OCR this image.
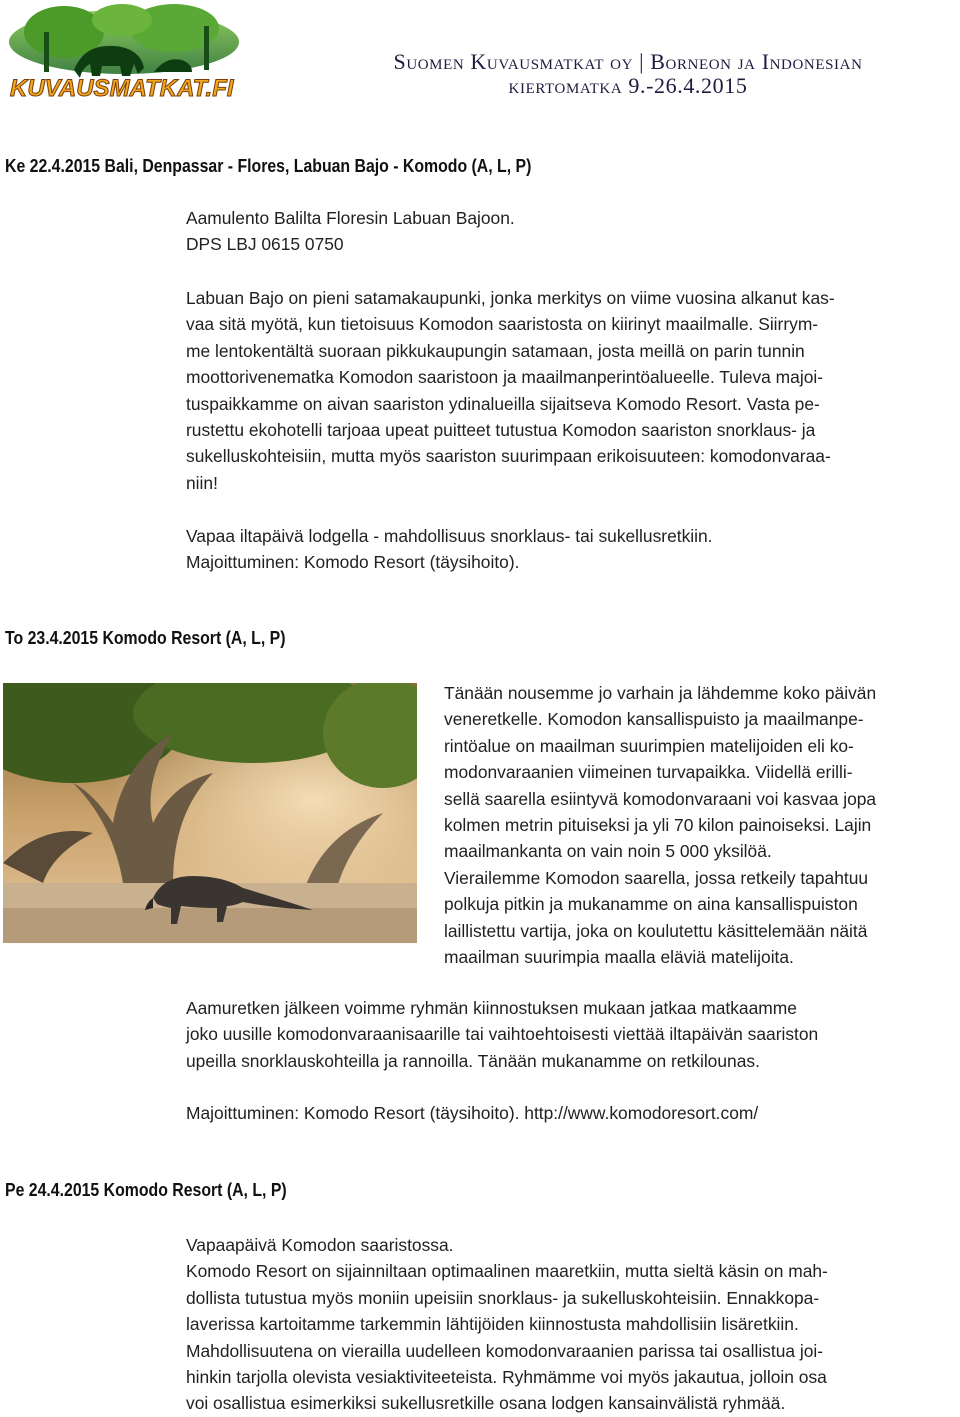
KUVAUSMATKAT.FI
Suomen Kuvausmatkat oy | Borneon ja Indonesian
kiertomatka 9.-26.4.2015
Ke 22.4.2015 Bali, Denpassar - Flores, Labuan Bajo - Komodo (A, L, P)
Aamulento Balilta Floresin Labuan Bajoon.
DPS LBJ 0615 0750
Labuan Bajo on pieni satamakaupunki, jonka merkitys on viime vuosina alkanut kas-
vaa sitä myötä, kun tietoisuus Komodon saaristosta on kiirinyt maailmalle. Siirrym-
me lentokentältä suoraan pikkukaupungin satamaan, josta meillä on parin tunnin
moottorivenematka Komodon saaristoon ja maailmanperintöalueelle. Tuleva majoi-
tuspaikkamme on aivan saariston ydinalueilla sijaitseva Komodo Resort. Vasta pe-
rustettu ekohotelli tarjoaa upeat puitteet tutustua Komodon saariston snorklaus- ja
sukelluskohteisiin, mutta myös saariston suurimpaan erikoisuuteen: komodonvaraa-
niin!
Vapaa iltapäivä lodgella - mahdollisuus snorklaus- tai sukellusretkiin.
Majoittuminen: Komodo Resort (täysihoito).
To 23.4.2015 Komodo Resort (A, L, P)
Tänään nousemme jo varhain ja lähdemme koko päivän
veneretkelle. Komodon kansallispuisto ja maailmanpe-
rintöalue on maailman suurimpien matelijoiden eli ko-
modonvaraanien viimeinen turvapaikka. Viidellä erilli-
sellä saarella esiintyvä komodonvaraani voi kasvaa jopa
kolmen metrin pituiseksi ja yli 70 kilon painoiseksi. Lajin
maailmankanta on vain noin 5 000 yksilöä.
Vierailemme Komodon saarella, jossa retkeily tapahtuu
polkuja pitkin ja mukanamme on aina kansallispuiston
laillistettu vartija, joka on koulutettu käsittelemään näitä
maailman suurimpia maalla eläviä matelijoita.
Aamuretken jälkeen voimme ryhmän kiinnostuksen mukaan jatkaa matkaamme
joko uusille komodonvaraanisaarille tai vaihtoehtoisesti viettää iltapäivän saariston
upeilla snorklauskohteilla ja rannoilla. Tänään mukanamme on retkilounas.
Majoittuminen: Komodo Resort (täysihoito). http://www.komodoresort.com/
Pe 24.4.2015 Komodo Resort (A, L, P)
Vapaapäivä Komodon saaristossa.
Komodo Resort on sijainniltaan optimaalinen maaretkiin, mutta sieltä käsin on mah-
dollista tutustua myös moniin upeisiin snorklaus- ja sukelluskohteisiin. Ennakkopa-
laverissa kartoitamme tarkemmin lähtijöiden kiinnostusta mahdollisiin lisäretkiin.
Mahdollisuutena on vierailla uudelleen komodonvaraanien parissa tai osallistua joi-
hinkin tarjolla olevista vesiaktiviteeteista. Ryhmämme voi myös jakautua, jolloin osa
voi osallistua esimerkiksi sukellusretkille osana lodgen kansainvälistä ryhmää.
